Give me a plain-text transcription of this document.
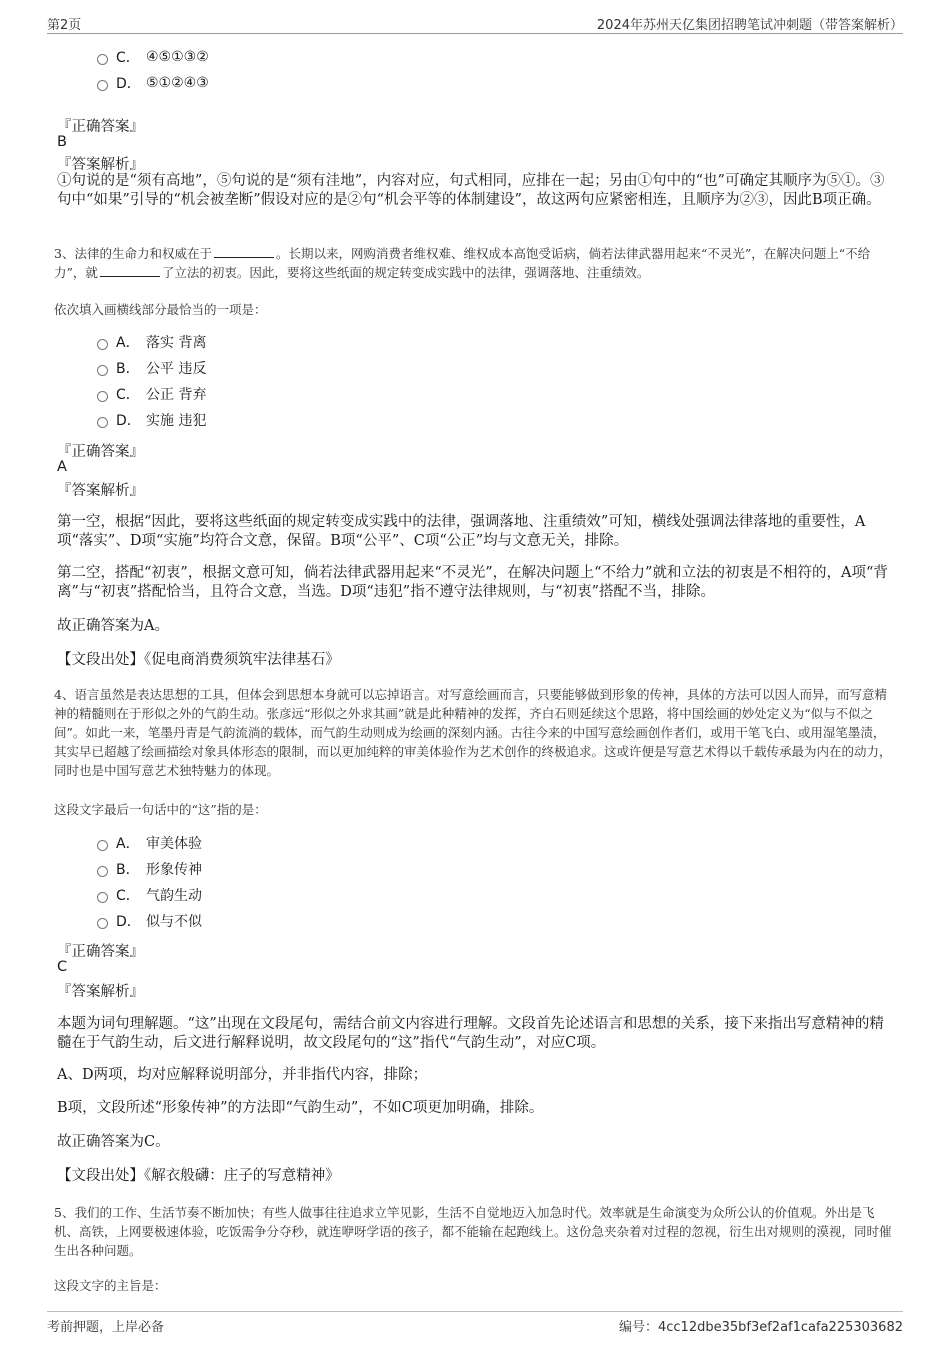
第2页	2024年苏州天亿集团招聘笔试冲刺题（带答案解析）
C． ④⑤①③②
D． ⑤①②④③
『正确答案』
B
『答案解析』
①句说的是“须有高地”，⑤句说的是“须有洼地”，内容对应，句式相同，应排在一起；另由①句中的“也”可确定其顺序为⑤①。③句中“如果”引导的“机会被垄断”假设对应的是②句“机会平等的体制建设”，故这两句应紧密相连，且顺序为②③，因此B项正确。
3、法律的生命力和权威在于	。长期以来，网购消费者维权难、维权成本高饱受诟病，倘若法律武器用起来“不灵光”，在解决问题上“不给力”，就	了立法的初衷。因此，要将这些纸面的规定转变成实践中的法律，强调落地、注重绩效。
依次填入画横线部分最恰当的一项是：
A． 落实 背离
B． 公平 违反
C． 公正 背弃
D． 实施 违犯
『正确答案』
A
『答案解析』
第一空，根据“因此，要将这些纸面的规定转变成实践中的法律，强调落地、注重绩效”可知，横线处强调法律落地的重要性，A项“落实”、D项“实施”均符合文意，保留。B项“公平”、C项“公正”均与文意无关，排除。
第二空，搭配“初衷”，根据文意可知，倘若法律武器用起来“不灵光”，在解决问题上“不给力”就和立法的初衷是不相符的，A项“背离”与“初衷”搭配恰当，且符合文意，当选。D项“违犯”指不遵守法律规则，与“初衷”搭配不当，排除。
故正确答案为A。
【文段出处】《促电商消费须筑牢法律基石》
4、语言虽然是表达思想的工具，但体会到思想本身就可以忘掉语言。对写意绘画而言，只要能够做到形象的传神，具体的方法可以因人而异，而写意精神的精髓则在于形似之外的气韵生动。张彦远“形似之外求其画”就是此种精神的发挥，齐白石则延续这个思路，将中国绘画的妙处定义为“似与不似之间”。如此一来，笔墨丹青是气韵流淌的载体，而气韵生动则成为绘画的深刻内涵。古往今来的中国写意绘画创作者们，或用干笔飞白、或用湿笔墨渍，其实早已超越了绘画描绘对象具体形态的限制，而以更加纯粹的审美体验作为艺术创作的终极追求。这或许便是写意艺术得以千载传承最为内在的动力，同时也是中国写意艺术独特魅力的体现。
这段文字最后一句话中的“这”指的是：
A． 审美体验
B． 形象传神
C． 气韵生动
D． 似与不似
『正确答案』
C
『答案解析』
本题为词句理解题。“这”出现在文段尾句，需结合前文内容进行理解。文段首先论述语言和思想的关系，接下来指出写意精神的精髓在于气韵生动，后文进行解释说明，故文段尾句的“这”指代“气韵生动”，对应C项。
A、D两项，均对应解释说明部分，并非指代内容，排除；
B项，文段所述“形象传神”的方法即“气韵生动”，不如C项更加明确，排除。
故正确答案为C。
【文段出处】《解衣般礴：庄子的写意精神》
5、我们的工作、生活节奏不断加快；有些人做事往往追求立竿见影，生活不自觉地迈入加急时代。效率就是生命演变为众所公认的价值观。外出是飞机、高铁，上网要极速体验，吃饭需争分夺秒，就连咿呀学语的孩子，都不能输在起跑线上。这份急夹杂着对过程的忽视，衍生出对规则的漠视，同时催生出各种问题。
这段文字的主旨是：
考前押题，上岸必备	编号：4cc12dbe35bf3ef2af1cafa225303682
